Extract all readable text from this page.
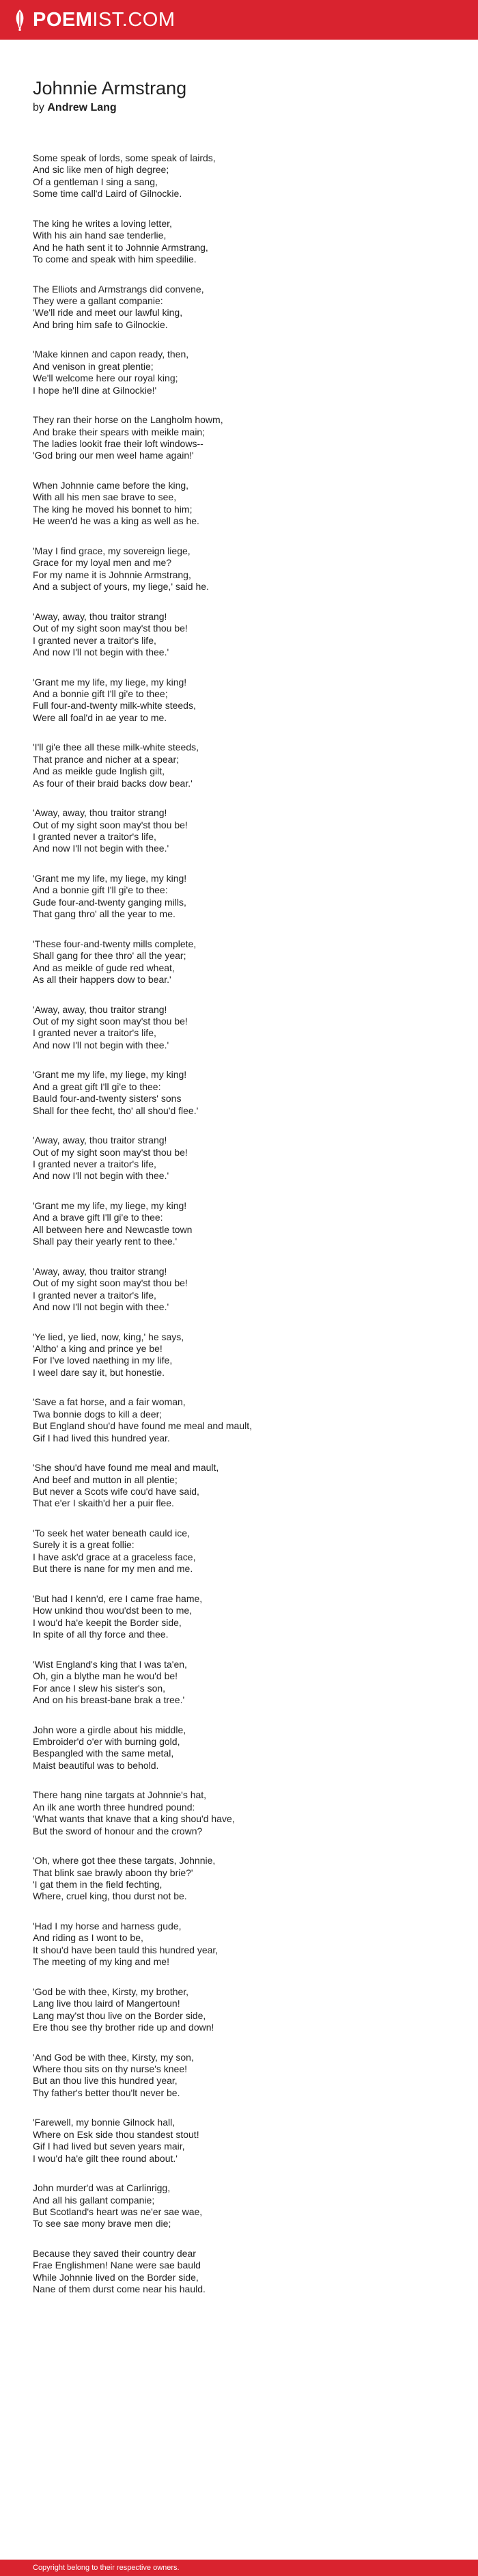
POEM IST.COM
Johnnie Armstrang
by Andrew Lang
Some speak of lords, some speak of lairds,
And sic like men of high degree;
Of a gentleman I sing a sang,
Some time call'd Laird of Gilnockie.
The king he writes a loving letter,
With his ain hand sae tenderlie,
And he hath sent it to Johnnie Armstrang,
To come and speak with him speedilie.
The Elliots and Armstrangs did convene,
They were a gallant companie:
'We'll ride and meet our lawful king,
And bring him safe to Gilnockie.
'Make kinnen and capon ready, then,
And venison in great plentie;
We'll welcome here our royal king;
I hope he'll dine at Gilnockie!'
They ran their horse on the Langholm howm,
And brake their spears with meikle main;
The ladies lookit frae their loft windows--
'God bring our men weel hame again!'
When Johnnie came before the king,
With all his men sae brave to see,
The king he moved his bonnet to him;
He ween'd he was a king as well as he.
'May I find grace, my sovereign liege,
Grace for my loyal men and me?
For my name it is Johnnie Armstrang,
And a subject of yours, my liege,' said he.
'Away, away, thou traitor strang!
Out of my sight soon may'st thou be!
I granted never a traitor's life,
And now I'll not begin with thee.'
'Grant me my life, my liege, my king!
And a bonnie gift I'll gi'e to thee;
Full four-and-twenty milk-white steeds,
Were all foal'd in ae year to me.
'I'll gi'e thee all these milk-white steeds,
That prance and nicher at a spear;
And as meikle gude Inglish gilt,
As four of their braid backs dow bear.'
'Away, away, thou traitor strang!
Out of my sight soon may'st thou be!
I granted never a traitor's life,
And now I'll not begin with thee.'
'Grant me my life, my liege, my king!
And a bonnie gift I'll gi'e to thee:
Gude four-and-twenty ganging mills,
That gang thro' all the year to me.
'These four-and-twenty mills complete,
Shall gang for thee thro' all the year;
And as meikle of gude red wheat,
As all their happers dow to bear.'
'Away, away, thou traitor strang!
Out of my sight soon may'st thou be!
I granted never a traitor's life,
And now I'll not begin with thee.'
'Grant me my life, my liege, my king!
And a great gift I'll gi'e to thee:
Bauld four-and-twenty sisters' sons
Shall for thee fecht, tho' all shou'd flee.'
'Away, away, thou traitor strang!
Out of my sight soon may'st thou be!
I granted never a traitor's life,
And now I'll not begin with thee.'
'Grant me my life, my liege, my king!
And a brave gift I'll gi'e to thee:
All between here and Newcastle town
Shall pay their yearly rent to thee.'
'Away, away, thou traitor strang!
Out of my sight soon may'st thou be!
I granted never a traitor's life,
And now I'll not begin with thee.'
'Ye lied, ye lied, now, king,' he says,
'Altho' a king and prince ye be!
For I've loved naething in my life,
I weel dare say it, but honestie.
'Save a fat horse, and a fair woman,
Twa bonnie dogs to kill a deer;
But England shou'd have found me meal and mault,
Gif I had lived this hundred year.
'She shou'd have found me meal and mault,
And beef and mutton in all plentie;
But never a Scots wife cou'd have said,
That e'er I skaith'd her a puir flee.
'To seek het water beneath cauld ice,
Surely it is a great follie:
I have ask'd grace at a graceless face,
But there is nane for my men and me.
'But had I kenn'd, ere I came frae hame,
How unkind thou wou'dst been to me,
I wou'd ha'e keepit the Border side,
In spite of all thy force and thee.
'Wist England's king that I was ta'en,
Oh, gin a blythe man he wou'd be!
For ance I slew his sister's son,
And on his breast-bane brak a tree.'
John wore a girdle about his middle,
Embroider'd o'er with burning gold,
Bespangled with the same metal,
Maist beautiful was to behold.
There hang nine targats at Johnnie's hat,
An ilk ane worth three hundred pound:
'What wants that knave that a king shou'd have,
But the sword of honour and the crown?
'Oh, where got thee these targats, Johnnie,
That blink sae brawly aboon thy brie?'
'I gat them in the field fechting,
Where, cruel king, thou durst not be.
'Had I my horse and harness gude,
And riding as I wont to be,
It shou'd have been tauld this hundred year,
The meeting of my king and me!
'God be with thee, Kirsty, my brother,
Lang live thou laird of Mangertoun!
Lang may'st thou live on the Border side,
Ere thou see thy brother ride up and down!
'And God be with thee, Kirsty, my son,
Where thou sits on thy nurse's knee!
But an thou live this hundred year,
Thy father's better thou'lt never be.
'Farewell, my bonnie Gilnock hall,
Where on Esk side thou standest stout!
Gif I had lived but seven years mair,
I wou'd ha'e gilt thee round about.'
John murder'd was at Carlinrigg,
And all his gallant companie;
But Scotland's heart was ne'er sae wae,
To see sae mony brave men die;
Because they saved their country dear
Frae Englishmen! Nane were sae bauld
While Johnnie lived on the Border side,
Nane of them durst come near his hauld.
Copyright belong to their respective owners.
